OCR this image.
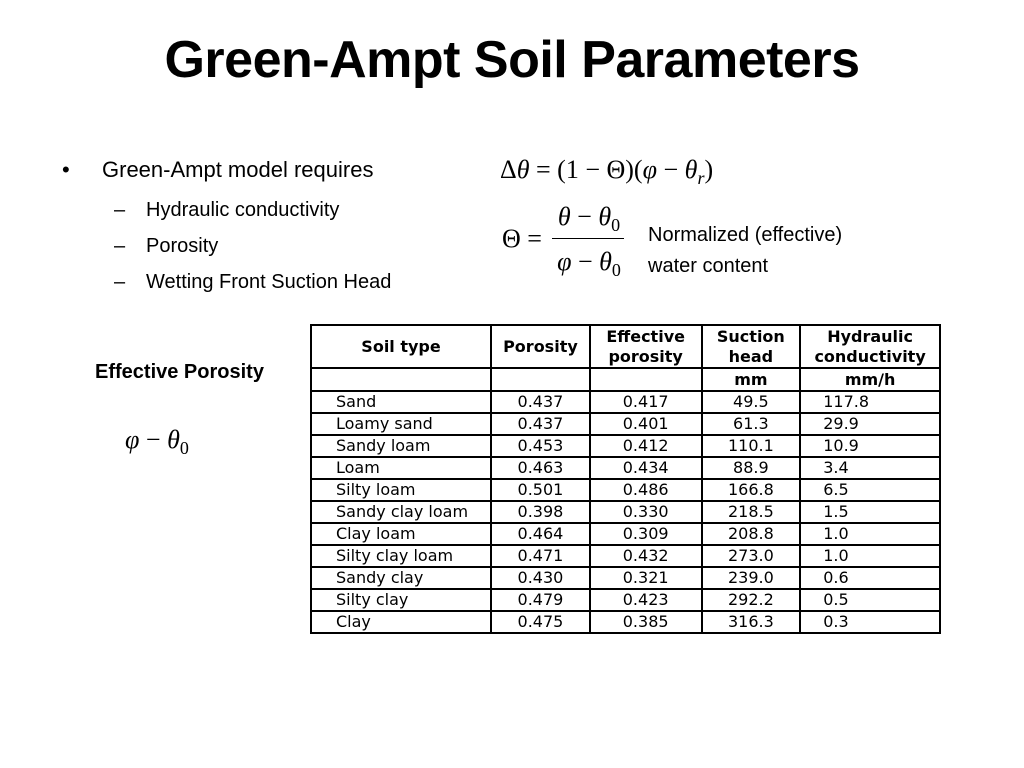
Green-Ampt Soil Parameters
• Green-Ampt model requires
– Hydraulic conductivity
– Porosity
– Wetting Front Suction Head
$\Delta\theta = (1 - \Theta)(\varphi - \theta_r)$
Θ =
$\theta - \theta_0$
$\varphi - \theta_0$
Normalized (effective)
water content
Effective Porosity
$\varphi - \theta_0$
Soil type	Porosity	Effective porosity	Suction head	Hydraulic conductivity
			mm	mm/h
Sand	0.437	0.417	49.5	117.8
Loamy sand	0.437	0.401	61.3	29.9
Sandy loam	0.453	0.412	110.1	10.9
Loam	0.463	0.434	88.9	3.4
Silty loam	0.501	0.486	166.8	6.5
Sandy clay loam	0.398	0.330	218.5	1.5
Clay loam	0.464	0.309	208.8	1.0
Silty clay loam	0.471	0.432	273.0	1.0
Sandy clay	0.430	0.321	239.0	0.6
Silty clay	0.479	0.423	292.2	0.5
Clay	0.475	0.385	316.3	0.3
